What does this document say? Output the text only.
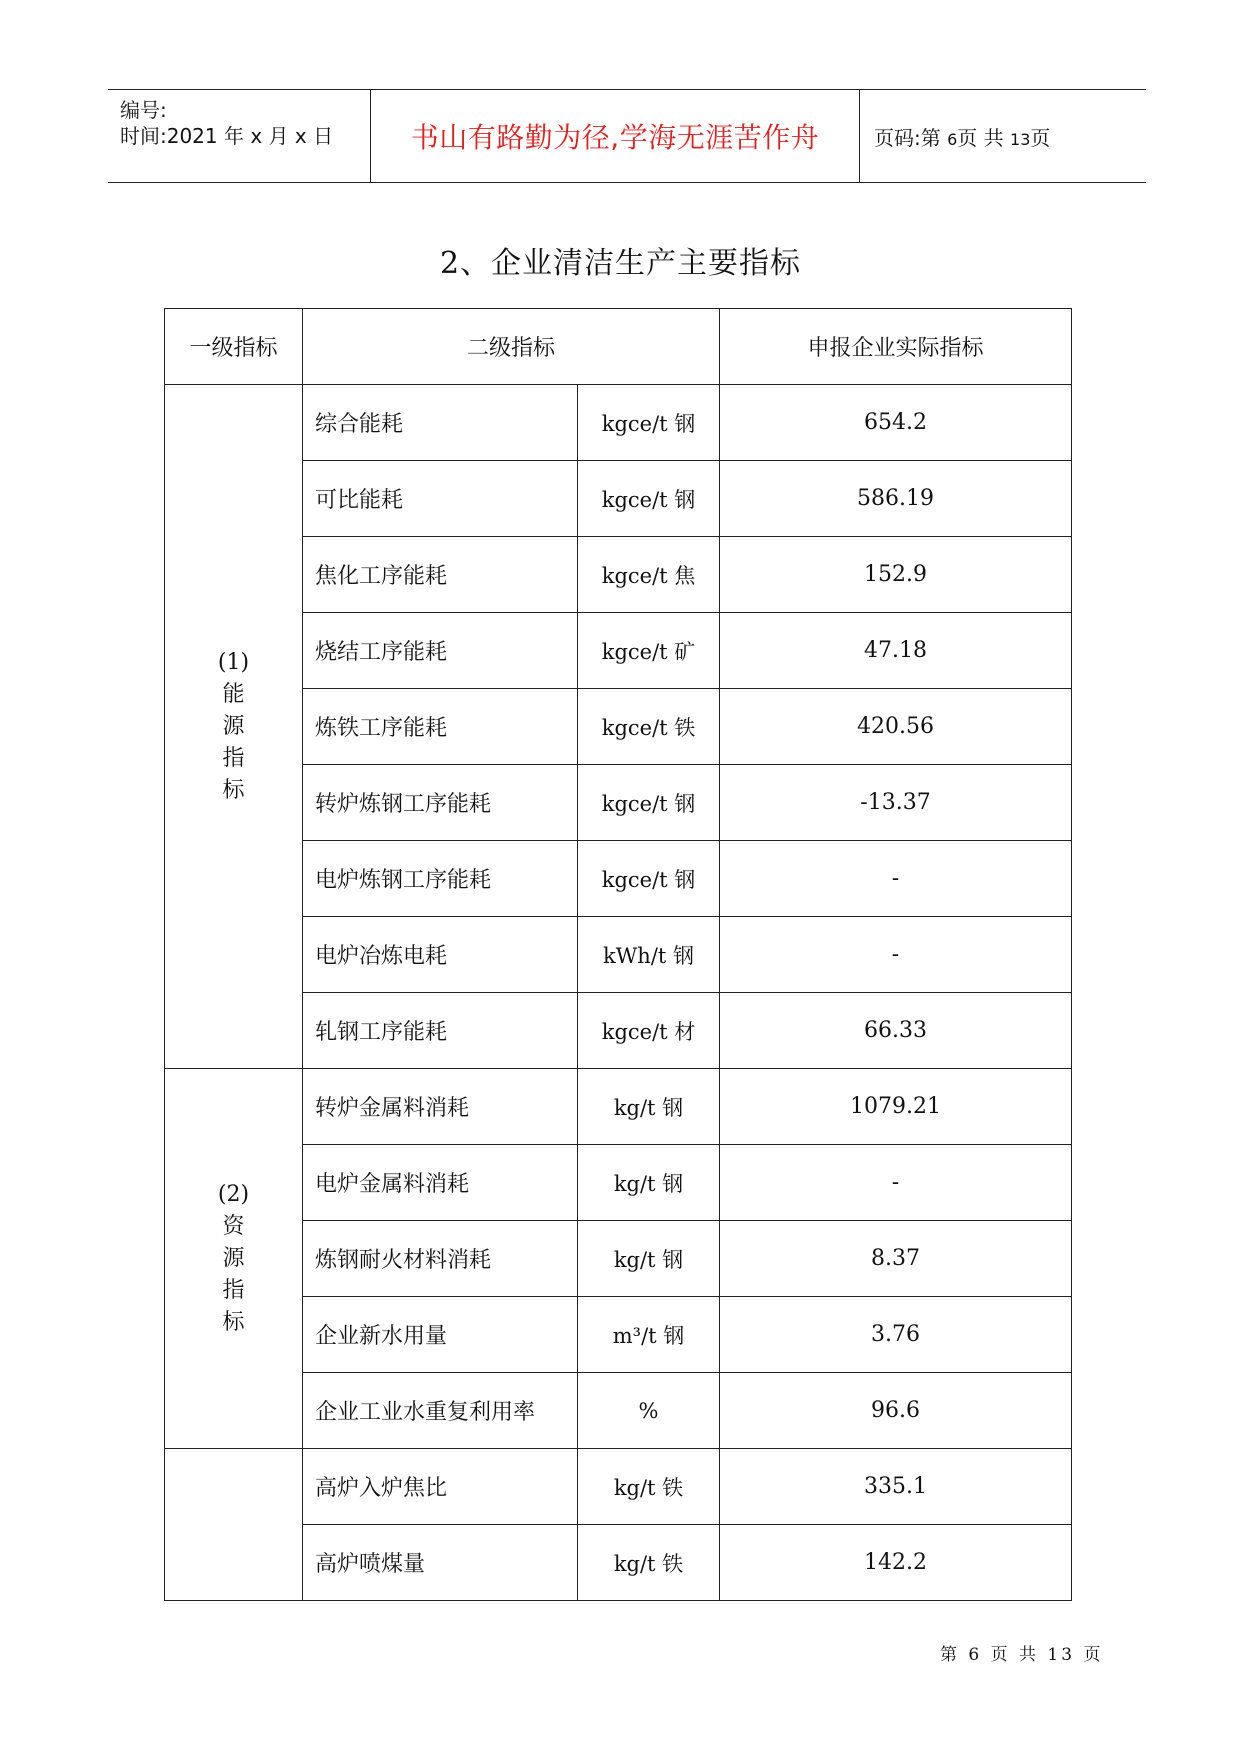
编号:
时间:2021 年 x 月 x 日	书山有路勤为径,学海无涯苦作舟	页码:第 6页 共 13页
2、企业清洁生产主要指标
一级指标	二级指标		申报企业实际指标

(1)
能
源
指
标	综合能耗	kgce/t 钢	654.2
	可比能耗	kgce/t 钢	586.19
	焦化工序能耗	kgce/t 焦	152.9
	烧结工序能耗	kgce/t 矿	47.18
	炼铁工序能耗	kgce/t 铁	420.56
	转炉炼钢工序能耗	kgce/t 钢	-13.37
	电炉炼钢工序能耗	kgce/t 钢	-
	电炉冶炼电耗	kWh/t 钢	-
	轧钢工序能耗	kgce/t 材	66.33

(2)
资
源
指
标	转炉金属料消耗	kg/t 钢	1079.21
	电炉金属料消耗	kg/t 钢	-
	炼钢耐火材料消耗	kg/t 钢	8.37
	企业新水用量	m³/t 钢	3.76
	企业工业水重复利用率	%	96.6
	高炉入炉焦比	kg/t 铁	335.1
	高炉喷煤量	kg/t 铁	142.2
第 6 页 共 13 页
